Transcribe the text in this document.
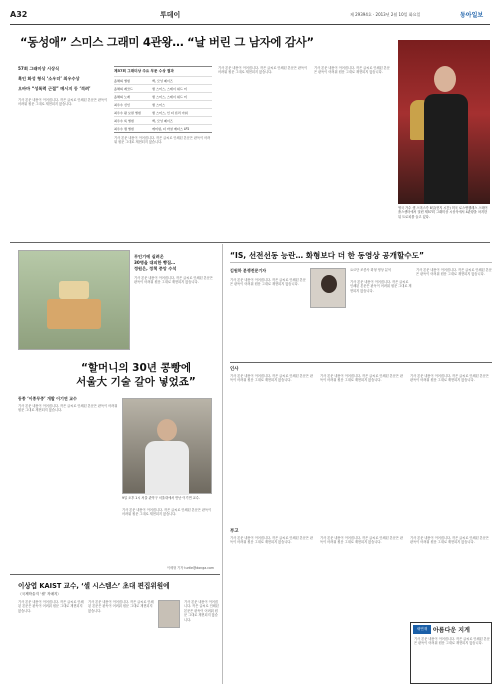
A32	투데이	제 29394호 · 2013년 2월 10일 화요일	동아일보
“동성애” 스미스 그래미 4관왕… “날 버린 그 남자에 감사”
57회 그래미상 시상식
흑인 화성 형식 ‘소우더’ 최우수상
오바마 “성폭력 근절” 메시지 등 ‘격려’
기사 본문 내용이 이어집니다. 작은 글씨로 인쇄된 본문은 판독이 어려워 원문 그대로 재현되지 않습니다.
제57회 그래미상 주요 부문 수상 결과
올해의 앨범	벡, 모닝 페이즈
올해의 레코드	샘 스미스, 스테이 위드 미
올해의 노래	샘 스미스, 스테이 위드 미
최우수 신인	샘 스미스
최우수 팝 보컬 앨범	샘 스미스, 인 더 론리 아워
최우수 록 앨범	벡, 모닝 페이즈
최우수 랩 앨범	에미넴, 더 마셜 매더스 LP2
기사 본문 내용이 이어집니다. 작은 글씨로 인쇄된 본문은 판독이 어려워 원문 그대로 재현되지 않습니다.
기사 본문 내용이 이어집니다. 작은 글씨로 인쇄된 본문은 판독이 어려워 원문 그대로 재현되지 않습니다.
기사 본문 내용이 이어집니다. 작은 글씨로 인쇄된 본문은 판독이 어려워 원문 그대로 재현되지 않습니다.
영국 가수 샘 스미스가 8일(현지 시간) 미국 로스앤젤레스 스테이플스센터에서 열린 제57회 그래미상 시상식에서 4관왕을 차지한 뒤 트로피를 들고 있다.
무인기에 실려온
30명을 대피한 빵집…
정원은, 정책 중앙 수석
기사 본문 내용이 이어집니다. 작은 글씨로 인쇄된 본문은 판독이 어려워 원문 그대로 재현되지 않습니다.
“할머니의 30년 콩빵에
서울大 기술 갈아 넣었죠”
동종 ‘이종무중’ 개발 이기연 교수
기사 본문 내용이 이어집니다. 작은 글씨로 인쇄된 본문은 판독이 어려워 원문 그대로 재현되지 않습니다.
9일 오후 1시 서울 관악구 서울대에서 만난 이기연 교수.
기사 본문 내용이 이어집니다. 작은 글씨로 인쇄된 본문은 판독이 어려워 원문 그대로 재현되지 않습니다.
이세형 기자 turtle@donga.com
이상엽 KAIST 교수, ‘셀 시스템스’ 초대 편집위원에
〈국제학술지 ‘셀’ 자매지〉
기사 본문 내용이 이어집니다. 작은 글씨로 인쇄된 본문은 판독이 어려워 원문 그대로 재현되지 않습니다.
기사 본문 내용이 이어집니다. 작은 글씨로 인쇄된 본문은 판독이 어려워 원문 그대로 재현되지 않습니다.
기사 본문 내용이 이어집니다. 작은 글씨로 인쇄된 본문은 판독이 어려워 원문 그대로 재현되지 않습니다.
“IS, 선전선동 능란… 화형보다 더 한 동영상 공개할수도”
김원하 분쟁전문기자
기사 본문 내용이 이어집니다. 작은 글씨로 인쇄된 본문은 판독이 어려워 원문 그대로 재현되지 않습니다.
요르단 조종사 화형 영상 분석
기사 본문 내용이 이어집니다. 작은 글씨로 인쇄된 본문은 판독이 어려워 원문 그대로 재현되지 않습니다.
기사 본문 내용이 이어집니다. 작은 글씨로 인쇄된 본문은 판독이 어려워 원문 그대로 재현되지 않습니다.
인사
기사 본문 내용이 이어집니다. 작은 글씨로 인쇄된 본문은 판독이 어려워 원문 그대로 재현되지 않습니다.
기사 본문 내용이 이어집니다. 작은 글씨로 인쇄된 본문은 판독이 어려워 원문 그대로 재현되지 않습니다.
기사 본문 내용이 이어집니다. 작은 글씨로 인쇄된 본문은 판독이 어려워 원문 그대로 재현되지 않습니다.
부고
기사 본문 내용이 이어집니다. 작은 글씨로 인쇄된 본문은 판독이 어려워 원문 그대로 재현되지 않습니다.
기사 본문 내용이 이어집니다. 작은 글씨로 인쇄된 본문은 판독이 어려워 원문 그대로 재현되지 않습니다.
기사 본문 내용이 이어집니다. 작은 글씨로 인쇄된 본문은 판독이 어려워 원문 그대로 재현되지 않습니다.
새연재 아름다운 지게
기사 본문 내용이 이어집니다. 작은 글씨로 인쇄된 본문은 판독이 어려워 원문 그대로 재현되지 않습니다.
